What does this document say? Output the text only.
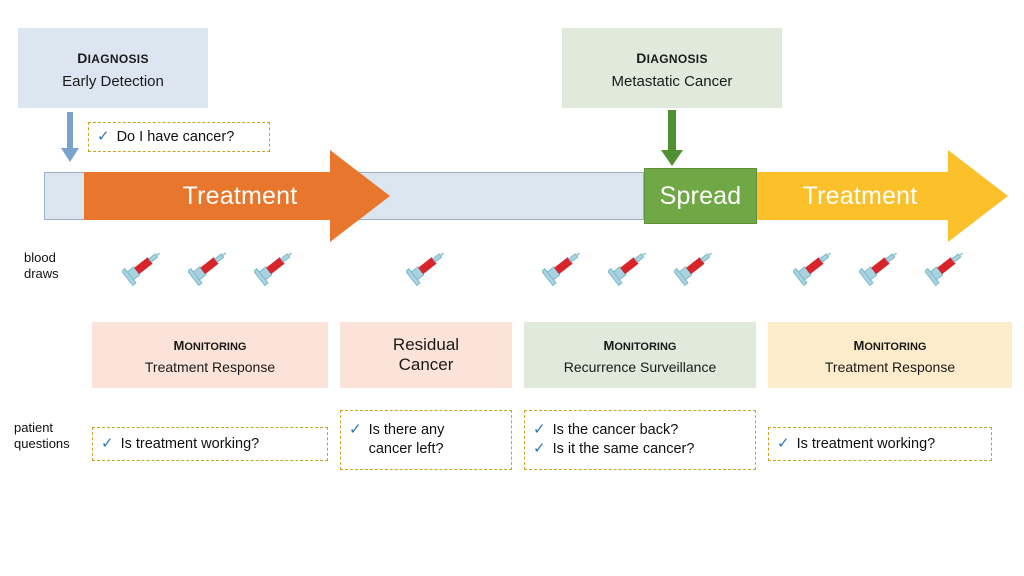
diagnosis
Early Detection
diagnosis
Metastatic Cancer
✓ Do I have cancer?
Treatment	Spread	Treatment
blood
draws
monitoring
Treatment Response
Residual
Cancer
monitoring
Recurrence Surveillance
monitoring
Treatment Response
patient
questions	✓ Is treatment working?
✓ Is there any
cancer left?
✓ Is the cancer back?
✓ Is it the same cancer?	✓ Is treatment working?
